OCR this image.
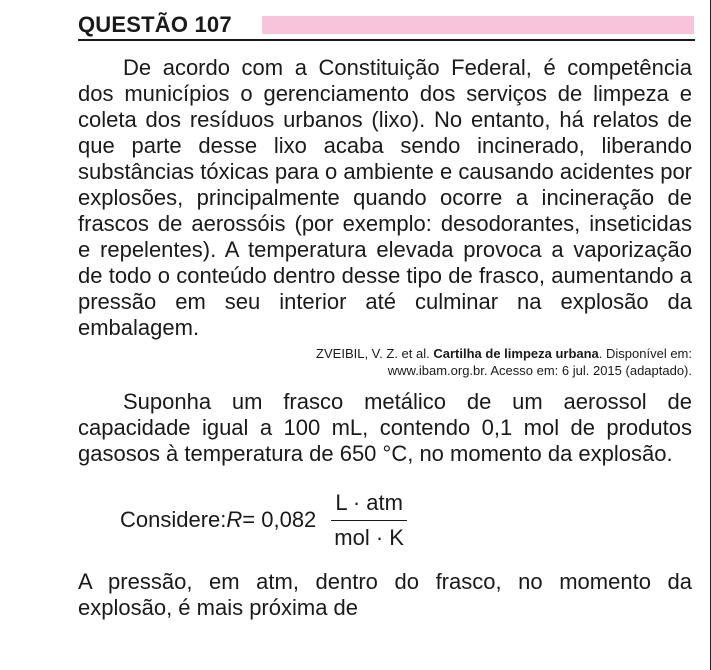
QUESTÃO 107

De acordo com a Constituição Federal, é competência dos municípios o gerenciamento dos serviços de limpeza e coleta dos resíduos urbanos (lixo). No entanto, há relatos de que parte desse lixo acaba sendo incinerado, liberando substâncias tóxicas para o ambiente e causando acidentes por explosões, principalmente quando ocorre a incineração de frascos de aerossóis (por exemplo: desodorantes, inseticidas e repelentes). A temperatura elevada provoca a vaporização de todo o conteúdo dentro desse tipo de frasco, aumentando a pressão em seu interior até culminar na explosão da embalagem.

ZVEIBIL, V. Z. et al. Cartilha de limpeza urbana. Disponível em:
www.ibam.org.br. Acesso em: 6 jul. 2015 (adaptado).

Suponha um frasco metálico de um aerossol de capacidade igual a 100 mL, contendo 0,1 mol de produtos gasosos à temperatura de 650 °C, no momento da explosão.

Considere: $R = 0,082 \frac{\text{L · atm}}{\text{mol · K}}$

A pressão, em atm, dentro do frasco, no momento da explosão, é mais próxima de
